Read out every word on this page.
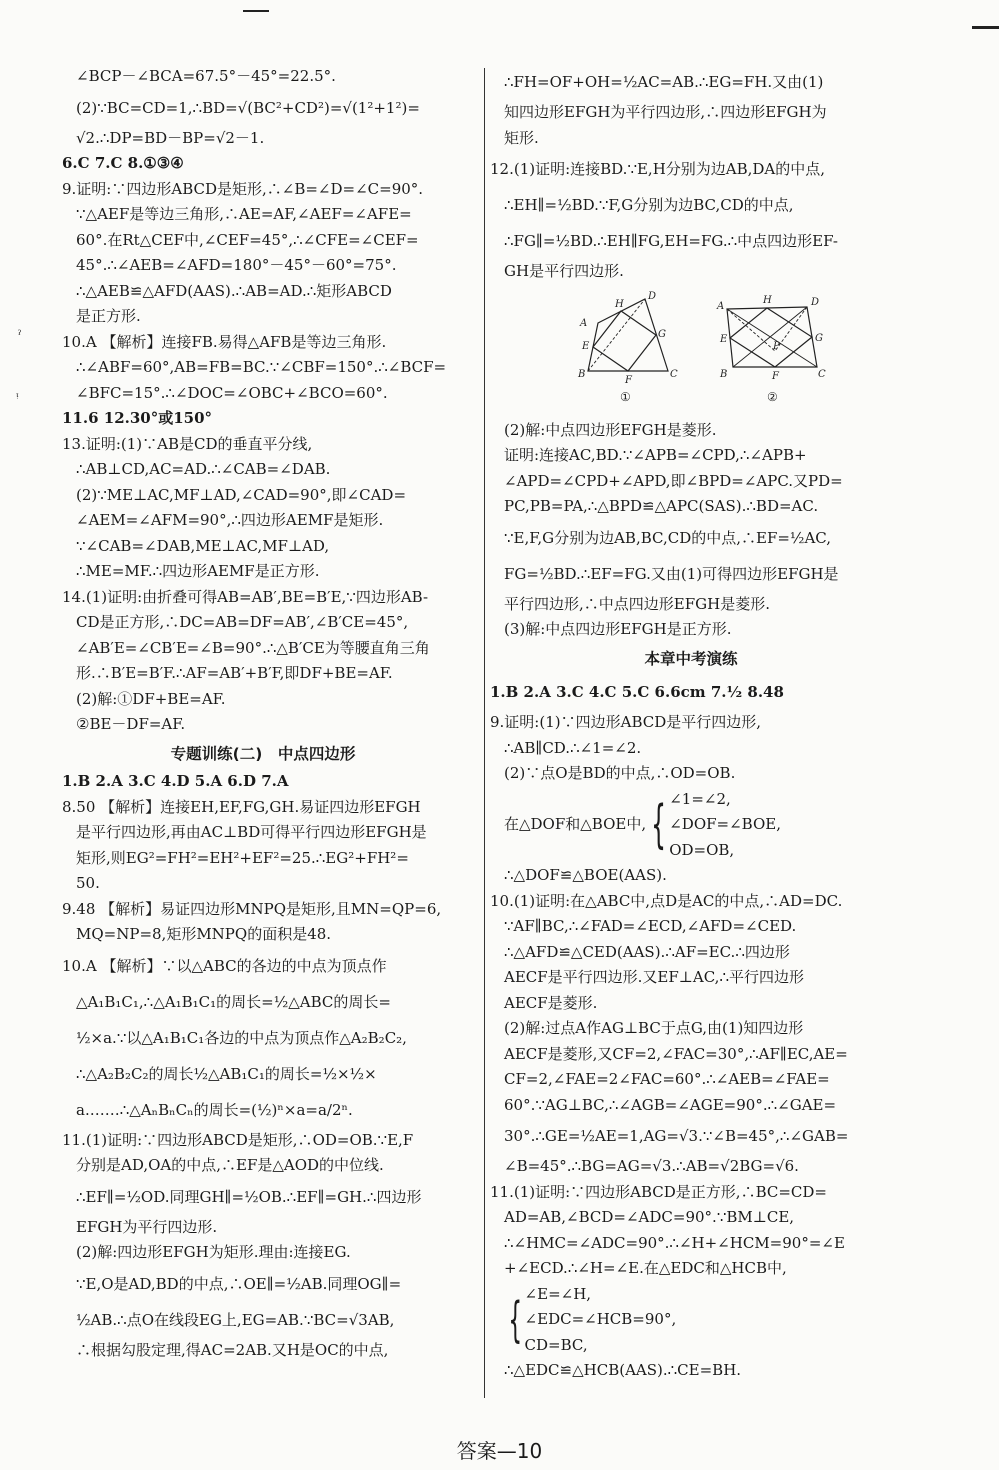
ˀ
ᵎ
∠BCP－∠BCA=67.5°－45°=22.5°.
(2)∵BC=CD=1,∴BD=√(BC²+CD²)=√(1²+1²)=
√2.∴DP=BD－BP=√2－1.
6.C 7.C 8.①③④
9.证明:∵四边形ABCD是矩形,∴∠B=∠D=∠C=90°.
∵△AEF是等边三角形,∴AE=AF,∠AEF=∠AFE=
60°.在Rt△CEF中,∠CEF=45°,∴∠CFE=∠CEF=
45°.∴∠AEB=∠AFD=180°－45°－60°=75°.
∴△AEB≌△AFD(AAS).∴AB=AD.∴矩形ABCD
是正方形.
10.A 【解析】连接FB.易得△AFB是等边三角形.
∴∠ABF=60°,AB=FB=BC.∵∠CBF=150°.∴∠BCF=
∠BFC=15°.∴∠DOC=∠OBC+∠BCO=60°.
11.6 12.30°或150°
13.证明:(1)∵AB是CD的垂直平分线,
∴AB⊥CD,AC=AD.∴∠CAB=∠DAB.
(2)∵ME⊥AC,MF⊥AD,∠CAD=90°,即∠CAD=
∠AEM=∠AFM=90°,∴四边形AEMF是矩形.
∵∠CAB=∠DAB,ME⊥AC,MF⊥AD,
∴ME=MF.∴四边形AEMF是正方形.
14.(1)证明:由折叠可得AB=AB′,BE=B′E,∵四边形AB-
CD是正方形,∴DC=AB=DF=AB′,∠B′CE=45°,
∠AB′E=∠CB′E=∠B=90°.∴△B′CE为等腰直角三角
形.∴B′E=B′F.∴AF=AB′+B′F,即DF+BE=AF.
(2)解:①DF+BE=AF.
②BE－DF=AF.
专题训练(二)　中点四边形
1.B 2.A 3.C 4.D 5.A 6.D 7.A
8.50 【解析】连接EH,EF,FG,GH.易证四边形EFGH
是平行四边形,再由AC⊥BD可得平行四边形EFGH是
矩形,则EG²=FH²=EH²+EF²=25.∴EG²+FH²=
50.
9.48 【解析】易证四边形MNPQ是矩形,且MN=QP=6,
MQ=NP=8,矩形MNPQ的面积是48.
10.A 【解析】∵以△ABC的各边的中点为顶点作
△A₁B₁C₁,∴△A₁B₁C₁的周长=½△ABC的周长=
½×a.∵以△A₁B₁C₁各边的中点为顶点作△A₂B₂C₂,
∴△A₂B₂C₂的周长½△AB₁C₁的周长=½×½×
a.……∴△AₙBₙCₙ的周长=(½)ⁿ×a=a/2ⁿ.
11.(1)证明:∵四边形ABCD是矩形,∴OD=OB.∵E,F
分别是AD,OA的中点,∴EF是△AOD的中位线.
∴EF∥=½OD.同理GH∥=½OB.∴EF∥=GH.∴四边形
EFGH为平行四边形.
(2)解:四边形EFGH为矩形.理由:连接EG.
∵E,O是AD,BD的中点,∴OE∥=½AB.同理OG∥=
½AB.∴点O在线段EG上,EG=AB.∵BC=√3AB,
∴根据勾股定理,得AC=2AB.又H是OC的中点,
∴FH=OF+OH=½AC=AB.∴EG=FH.又由(1)
知四边形EFGH为平行四边形,∴四边形EFGH为
矩形.
12.(1)证明:连接BD.∵E,H分别为边AB,DA的中点,
∴EH∥=½BD.∵F,G分别为边BC,CD的中点,
∴FG∥=½BD.∴EH∥FG,EH=FG.∴中点四边形EF-
GH是平行四边形.
A
H
D
E
G
B
F
C
①
A
H	D
E	G
P
B	F	C
②
(2)解:中点四边形EFGH是菱形.
证明:连接AC,BD.∵∠APB=∠CPD,∴∠APB+
∠APD=∠CPD+∠APD,即∠BPD=∠APC.又PD=
PC,PB=PA,∴△BPD≌△APC(SAS).∴BD=AC.
∵E,F,G分别为边AB,BC,CD的中点,∴EF=½AC,
FG=½BD.∴EF=FG.又由(1)可得四边形EFGH是
平行四边形,∴中点四边形EFGH是菱形.
(3)解:中点四边形EFGH是正方形.
本章中考演练
1.B 2.A 3.C 4.C 5.C 6.6cm 7.½ 8.48
9.证明:(1)∵四边形ABCD是平行四边形,
∴AB∥CD.∴∠1=∠2.
(2)∵点O是BD的中点,∴OD=OB.
在△DOF和△BOE中, { ∠1=∠2,
∠DOF=∠BOE,
OD=OB,
∴△DOF≌△BOE(AAS).
10.(1)证明:在△ABC中,点D是AC的中点,∴AD=DC.
∵AF∥BC,∴∠FAD=∠ECD,∠AFD=∠CED.
∴△AFD≌△CED(AAS).∴AF=EC.∴四边形
AECF是平行四边形.又EF⊥AC,∴平行四边形
AECF是菱形.
(2)解:过点A作AG⊥BC于点G,由(1)知四边形
AECF是菱形,又CF=2,∠FAC=30°,∴AF∥EC,AE=
CF=2,∠FAE=2∠FAC=60°.∴∠AEB=∠FAE=
60°.∵AG⊥BC,∴∠AGB=∠AGE=90°.∴∠GAE=
30°.∴GE=½AE=1,AG=√3.∵∠B=45°,∴∠GAB=
∠B=45°.∴BG=AG=√3.∴AB=√2BG=√6.
11.(1)证明:∵四边形ABCD是正方形,∴BC=CD=
AD=AB,∠BCD=∠ADC=90°.∵BM⊥CE,
∴∠HMC=∠ADC=90°.∴∠H+∠HCM=90°=∠E
+∠ECD.∴∠H=∠E.在△EDC和△HCB中,
{ ∠E=∠H,
∠EDC=∠HCB=90°,
CD=BC,
∴△EDC≌△HCB(AAS).∴CE=BH.
答案—10
